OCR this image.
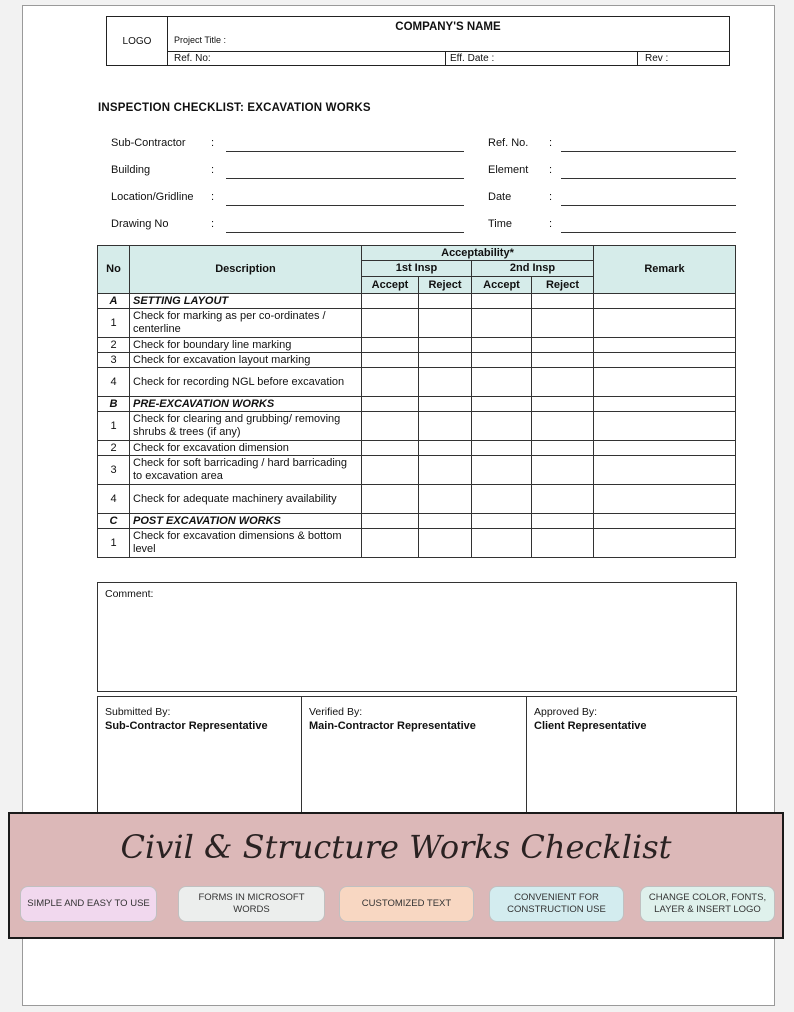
LOGO
COMPANY'S NAME
Project Title :
Ref. No:	Eff. Date :	Rev :
INSPECTION CHECKLIST: EXCAVATION WORKS
Sub-Contractor :
Building	:
Location/Gridline :
Drawing No	:
Ref. No. :
Element :
Date	:
Time	:
No	Description	Acceptability*				Remark
		1st Insp		2nd Insp		
		Accept	Reject	Accept	Reject	
A	SETTING LAYOUT					
1	Check for marking as per co-ordinates / centerline					
2	Check for boundary line marking					
3	Check for excavation layout marking					
4	Check for recording NGL before excavation					
B	PRE-EXCAVATION WORKS					
1	Check for clearing and grubbing/ removing shrubs & trees (if any)					
2	Check for excavation dimension					
3	Check for soft barricading / hard barricading to excavation area					
4	Check for adequate machinery availability					
C	POST EXCAVATION WORKS					
1	Check for excavation dimensions & bottom level					
Comment:
Submitted By:
Sub-Contractor Representative
Verified By:
Main-Contractor Representative
Approved By:
Client Representative
Civil & Structure Works Checklist
SIMPLE AND EASY TO USE
FORMS IN MICROSOFT WORDS
CUSTOMIZED TEXT
CONVENIENT FOR CONSTRUCTION USE
CHANGE COLOR, FONTS, LAYER & INSERT LOGO
